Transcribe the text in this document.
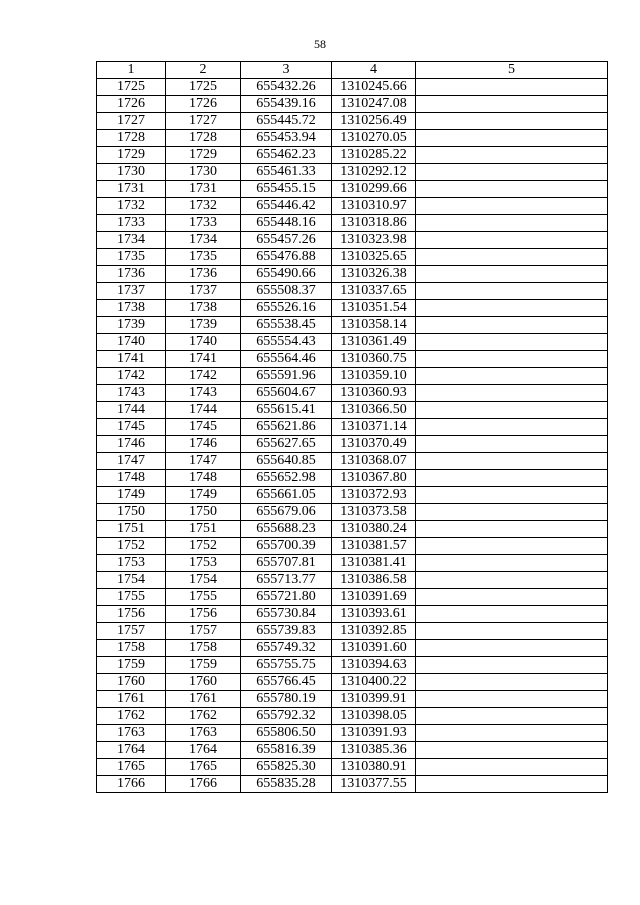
58
1	2	3	4	5
1725	1725	655432.26	1310245.66	
1726	1726	655439.16	1310247.08	
1727	1727	655445.72	1310256.49	
1728	1728	655453.94	1310270.05	
1729	1729	655462.23	1310285.22	
1730	1730	655461.33	1310292.12	
1731	1731	655455.15	1310299.66	
1732	1732	655446.42	1310310.97	
1733	1733	655448.16	1310318.86	
1734	1734	655457.26	1310323.98	
1735	1735	655476.88	1310325.65	
1736	1736	655490.66	1310326.38	
1737	1737	655508.37	1310337.65	
1738	1738	655526.16	1310351.54	
1739	1739	655538.45	1310358.14	
1740	1740	655554.43	1310361.49	
1741	1741	655564.46	1310360.75	
1742	1742	655591.96	1310359.10	
1743	1743	655604.67	1310360.93	
1744	1744	655615.41	1310366.50	
1745	1745	655621.86	1310371.14	
1746	1746	655627.65	1310370.49	
1747	1747	655640.85	1310368.07	
1748	1748	655652.98	1310367.80	
1749	1749	655661.05	1310372.93	
1750	1750	655679.06	1310373.58	
1751	1751	655688.23	1310380.24	
1752	1752	655700.39	1310381.57	
1753	1753	655707.81	1310381.41	
1754	1754	655713.77	1310386.58	
1755	1755	655721.80	1310391.69	
1756	1756	655730.84	1310393.61	
1757	1757	655739.83	1310392.85	
1758	1758	655749.32	1310391.60	
1759	1759	655755.75	1310394.63	
1760	1760	655766.45	1310400.22	
1761	1761	655780.19	1310399.91	
1762	1762	655792.32	1310398.05	
1763	1763	655806.50	1310391.93	
1764	1764	655816.39	1310385.36	
1765	1765	655825.30	1310380.91	
1766	1766	655835.28	1310377.55	
